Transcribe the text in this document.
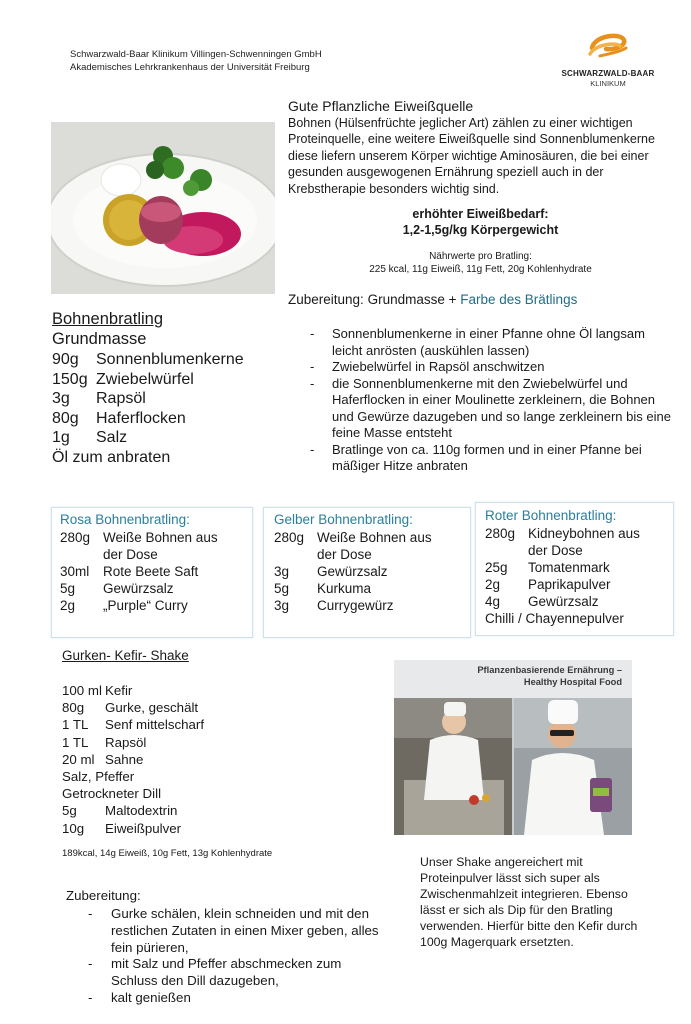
Schwarzwald-Baar Klinikum Villingen-Schwenningen GmbH
Akademisches Lehrkrankenhaus der Universität Freiburg
SCHWARZWALD-BAAR
KLINIKUM
Gute Pflanzliche Eiweißquelle
Bohnen (Hülsenfrüchte jeglicher Art) zählen zu einer wichtigen Proteinquelle, eine weitere Eiweißquelle sind Sonnenblumenkerne diese liefern unserem Körper wichtige Aminosäuren, die bei einer gesunden ausgewogenen Ernährung speziell auch in der Krebstherapie besonders wichtig sind.
erhöhter Eiweißbedarf:
1,2-1,5g/kg Körpergewicht
Nährwerte pro Bratling:
225 kcal, 11g Eiweiß, 11g Fett, 20g Kohlenhydrate
Zubereitung: Grundmasse + Farbe des Brätlings
- Sonnenblumenkerne in einer Pfanne ohne Öl langsam leicht anrösten (auskühlen lassen)
- Zwiebelwürfel in Rapsöl anschwitzen
- die Sonnenblumenkerne mit den Zwiebelwürfel und Haferflocken in einer Moulinette zerkleinern, die Bohnen und Gewürze dazugeben und so lange zerkleinern bis eine feine Masse entsteht
- Bratlinge von ca. 110g formen und in einer Pfanne bei mäßiger Hitze anbraten
Bohnenbratling
Grundmasse
90g Sonnenblumenkerne
150g Zwiebelwürfel
3g Rapsöl
80g Haferflocken
1g Salz
Öl zum anbraten
Rosa Bohnenbratling:
280g Weiße Bohnen aus
der Dose
30ml Rote Beete Saft
5g Gewürzsalz
2g „Purple“ Curry
Gelber Bohnenbratling:
280g Weiße Bohnen aus
der Dose
3g Gewürzsalz
5g Kurkuma
3g Currygewürz
Roter Bohnenbratling:
280g Kidneybohnen aus
der Dose
25g Tomatenmark
2g Paprikapulver
4g Gewürzsalz
Chilli / Chayennepulver
Gurken- Kefir- Shake
100 ml Kefir
80g Gurke, geschält
1 TL Senf mittelscharf
1 TL Rapsöl
20 ml Sahne
Salz, Pfeffer
Getrockneter Dill
5g Maltodextrin
10g Eiweißpulver
189kcal, 14g Eiweiß, 10g Fett, 13g Kohlenhydrate
Zubereitung:
- Gurke schälen, klein schneiden und mit den restlichen Zutaten in einen Mixer geben, alles fein pürieren,
- mit Salz und Pfeffer abschmecken zum Schluss den Dill dazugeben,
- kalt genießen
Pflanzenbasierende Ernährung –
Healthy Hospital Food
Unser Shake angereichert mit Proteinpulver lässt sich super als Zwischenmahlzeit integrieren. Ebenso lässt er sich als Dip für den Bratling verwenden. Hierfür bitte den Kefir durch 100g Magerquark ersetzten.
